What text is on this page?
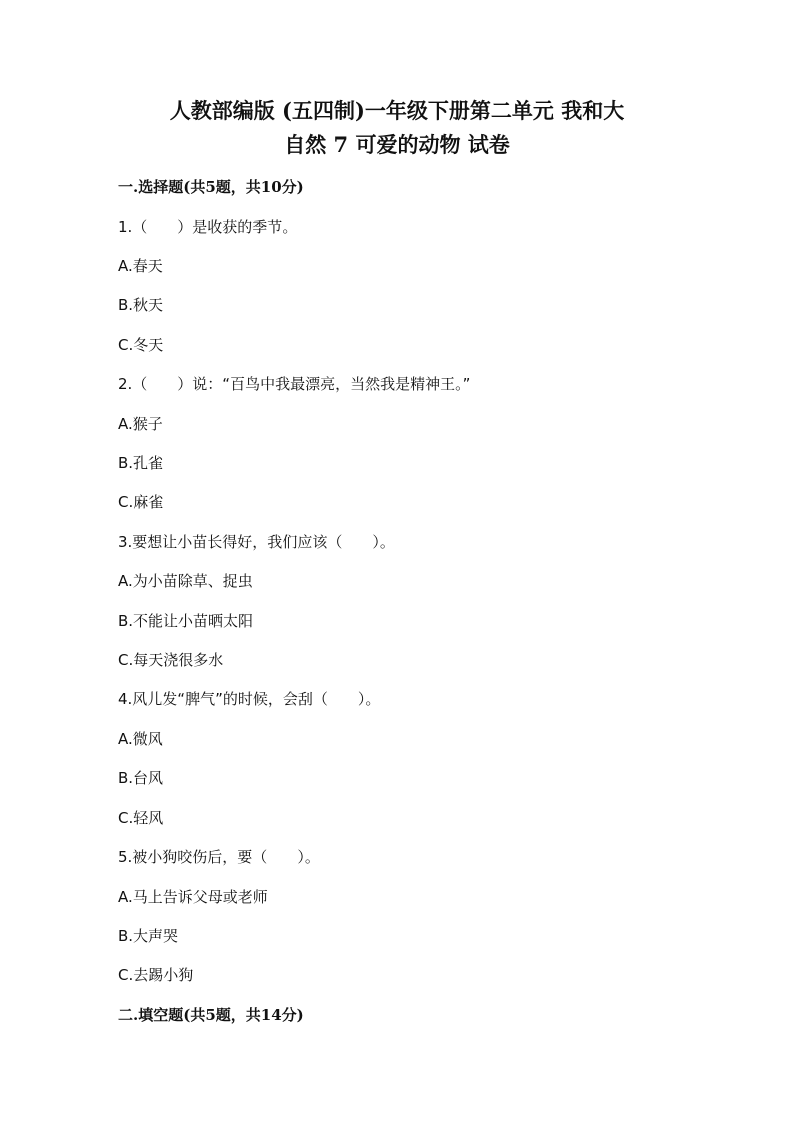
人教部编版 (五四制)一年级下册第二单元 我和大
自然 7 可爱的动物 试卷
一.选择题(共5题，共10分)
1.（　　）是收获的季节。
A.春天
B.秋天
C.冬天
2.（　　）说：“百鸟中我最漂亮，当然我是精神王。”
A.猴子
B.孔雀
C.麻雀
3.要想让小苗长得好，我们应该（　　）。
A.为小苗除草、捉虫
B.不能让小苗晒太阳
C.每天浇很多水
4.风儿发“脾气”的时候，会刮（　　）。
A.微风
B.台风
C.轻风
5.被小狗咬伤后，要（　　）。
A.马上告诉父母或老师
B.大声哭
C.去踢小狗
二.填空题(共5题，共14分)
